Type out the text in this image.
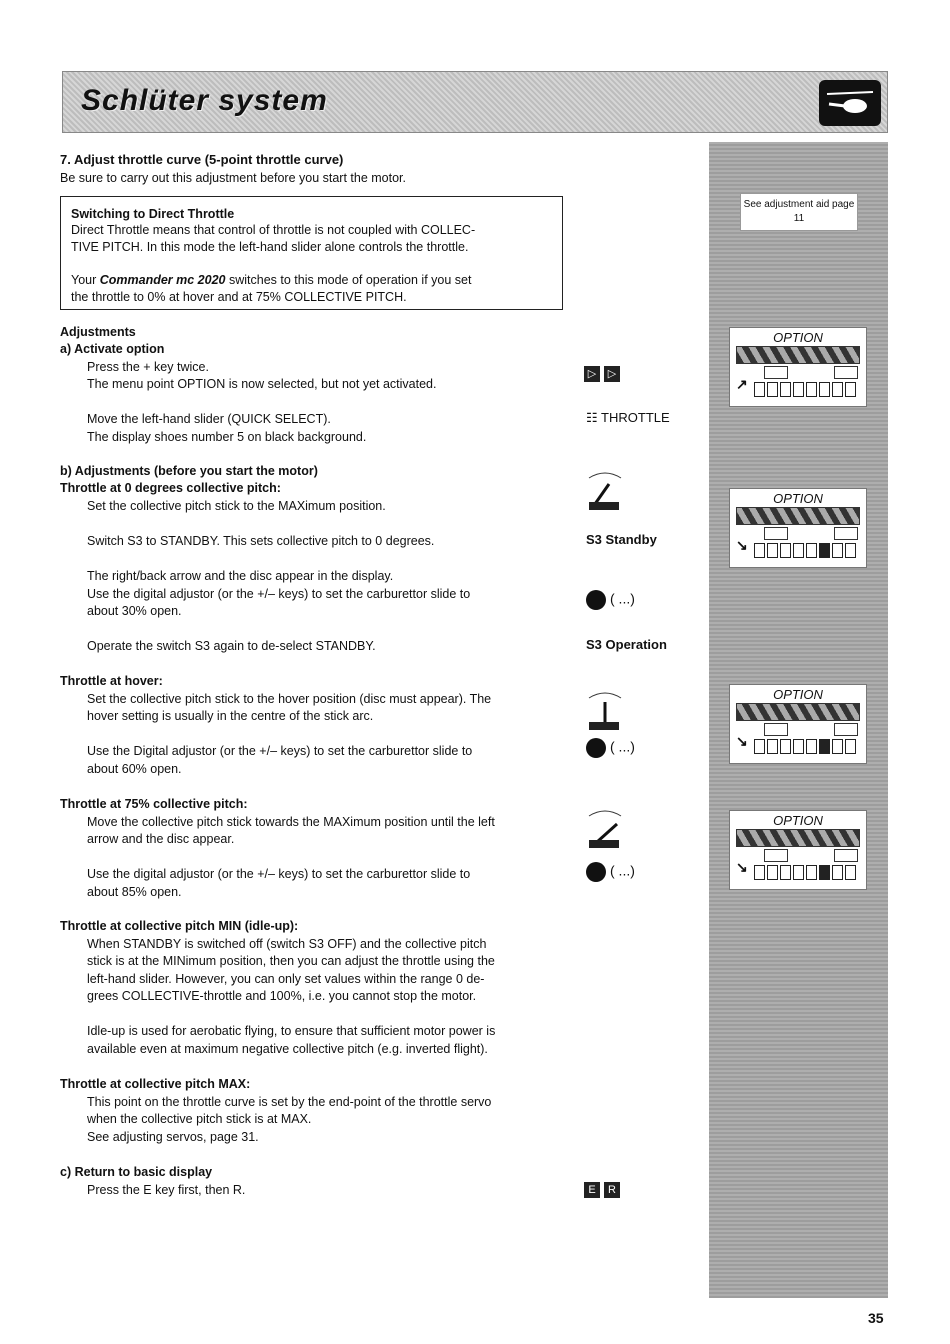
Schlüter system
See adjustment aid page 11
OPTION
↗
OPTION
↘
OPTION
↘
OPTION
↘
7. Adjust throttle curve (5-point throttle curve)
Be sure to carry out this adjustment before you start the motor.
Switching to Direct Throttle
Direct Throttle means that control of throttle is not coupled with COLLEC-
TIVE PITCH. In this mode the left-hand slider alone controls the throttle.
Your Commander mc 2020 switches to this mode of operation if you set
the throttle to 0% at hover and at 75% COLLECTIVE PITCH.
Adjustments
a) Activate option
Press the + key twice.
The menu point OPTION is now selected, but not yet activated.
Move the left-hand slider (QUICK SELECT).
The display shoes number 5 on black background.
b) Adjustments (before you start the motor)
Throttle at 0 degrees collective pitch:
Set the collective pitch stick to the MAXimum position.
Switch S3 to STANDBY. This sets collective pitch to 0 degrees.
The right/back arrow and the disc appear in the display.
Use the digital adjustor (or the +/– keys) to set the carburettor slide to
about 30% open.
Operate the switch S3 again to de-select STANDBY.
Throttle at hover:
Set the collective pitch stick to the hover position (disc must appear). The
hover setting is usually in the centre of the stick arc.
Use the Digital adjustor (or the +/– keys) to set the carburettor slide to
about 60% open.
Throttle at 75% collective pitch:
Move the collective pitch stick towards the MAXimum position until the left
arrow and the disc appear.
Use the digital adjustor (or the +/– keys) to set the carburettor slide to
about 85% open.
Throttle at collective pitch MIN (idle-up):
When STANDBY is switched off (switch S3 OFF) and the collective pitch
stick is at the MINimum position, then you can adjust the throttle using the
left-hand slider. However, you can only set values within the range 0 de-
grees COLLECTIVE-throttle and 100%, i.e. you cannot stop the motor.
Idle-up is used for aerobatic flying, to ensure that sufficient motor power is
available even at maximum negative collective pitch (e.g. inverted flight).
Throttle at collective pitch MAX:
This point on the throttle curve is set by the end-point of the throttle servo
when the collective pitch stick is at MAX.
See adjusting servos, page 31.
c) Return to basic display
Press the E key first, then R.
▷ ▷
☷ THROTTLE
S3 Standby
( ...)
S3 Operation
( ...)
( ...)
E R
35
